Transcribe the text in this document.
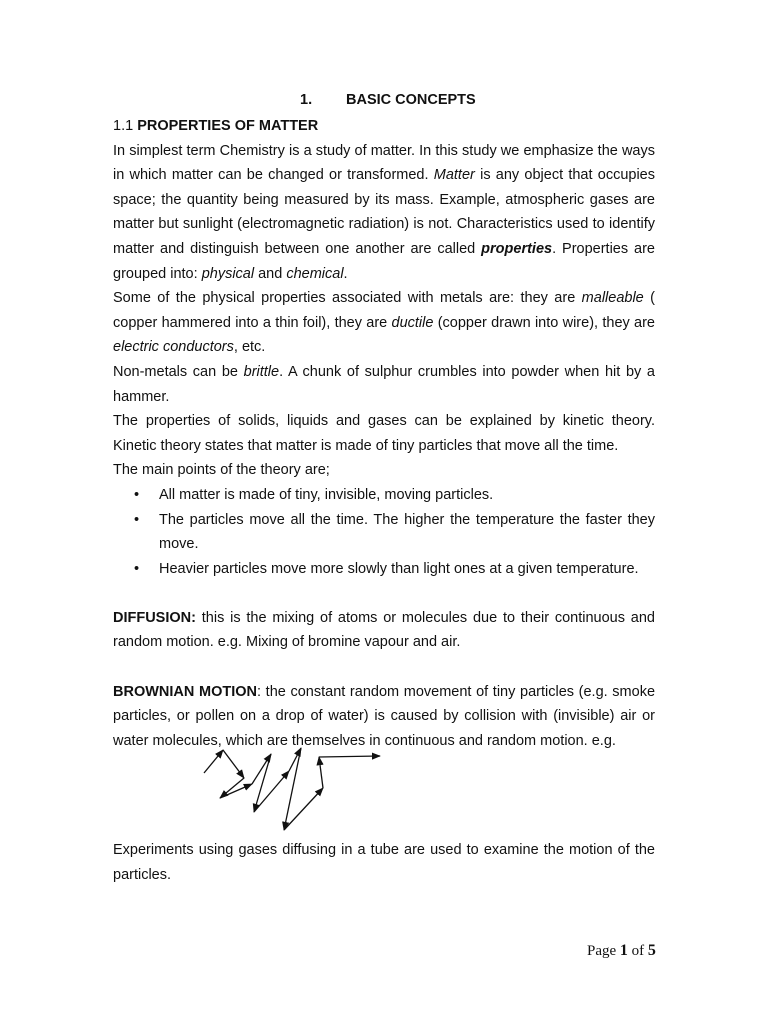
1. BASIC CONCEPTS

1.1 PROPERTIES OF MATTER

In simplest term Chemistry is a study of matter. In this study we emphasize the ways in which matter can be changed or transformed. Matter is any object that occupies space; the quantity being measured by its mass. Example, atmospheric gases are matter but sunlight (electromagnetic radiation) is not. Characteristics used to identify matter and distinguish between one another are called properties. Properties are grouped into: physical and chemical.

Some of the physical properties associated with metals are: they are malleable ( copper hammered into a thin foil), they are ductile (copper drawn into wire), they are electric conductors, etc.

Non-metals can be brittle. A chunk of sulphur crumbles into powder when hit by a hammer.

The properties of solids, liquids and gases can be explained by kinetic theory. Kinetic theory states that matter is made of tiny particles that move all the time.

The main points of the theory are;

• All matter is made of tiny, invisible, moving particles.
• The particles move all the time. The higher the temperature the faster they move.
• Heavier particles move more slowly than light ones at a given temperature.

DIFFUSION: this is the mixing of atoms or molecules due to their continuous and random motion. e.g. Mixing of bromine vapour and air.

BROWNIAN MOTION: the constant random movement of tiny particles (e.g. smoke particles, or pollen on a drop of water) is caused by collision with (invisible) air or water molecules, which are themselves in continuous and random motion. e.g.

Experiments using gases diffusing in a tube are used to examine the motion of the particles.

Page 1 of 5
